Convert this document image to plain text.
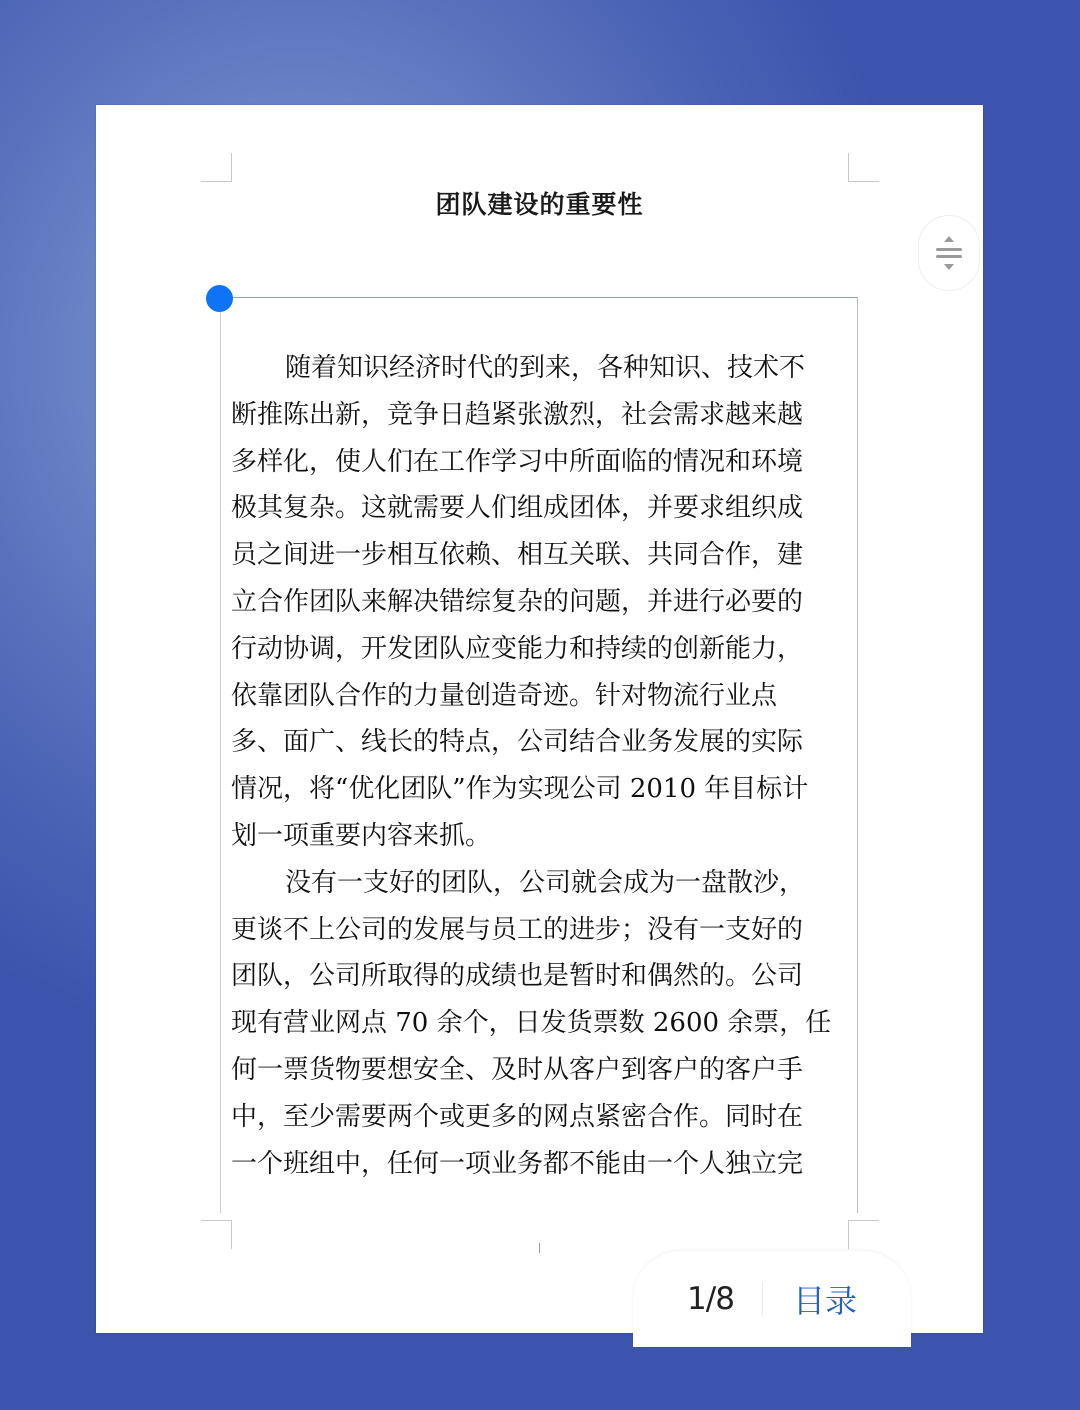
团队建设的重要性
随着知识经济时代的到来，各种知识、技术不
断推陈出新，竞争日趋紧张激烈，社会需求越来越
多样化，使人们在工作学习中所面临的情况和环境
极其复杂。这就需要人们组成团体，并要求组织成
员之间进一步相互依赖、相互关联、共同合作，建
立合作团队来解决错综复杂的问题，并进行必要的
行动协调，开发团队应变能力和持续的创新能力，
依靠团队合作的力量创造奇迹。针对物流行业点
多、面广、线长的特点，公司结合业务发展的实际
情况，将“优化团队”作为实现公司 2010 年目标计
划一项重要内容来抓。
没有一支好的团队，公司就会成为一盘散沙，
更谈不上公司的发展与员工的进步；没有一支好的
团队，公司所取得的成绩也是暂时和偶然的。公司
现有营业网点 70 余个，日发货票数 2600 余票，任
何一票货物要想安全、及时从客户到客户的客户手
中，至少需要两个或更多的网点紧密合作。同时在
一个班组中，任何一项业务都不能由一个人独立完
1/8	目录
